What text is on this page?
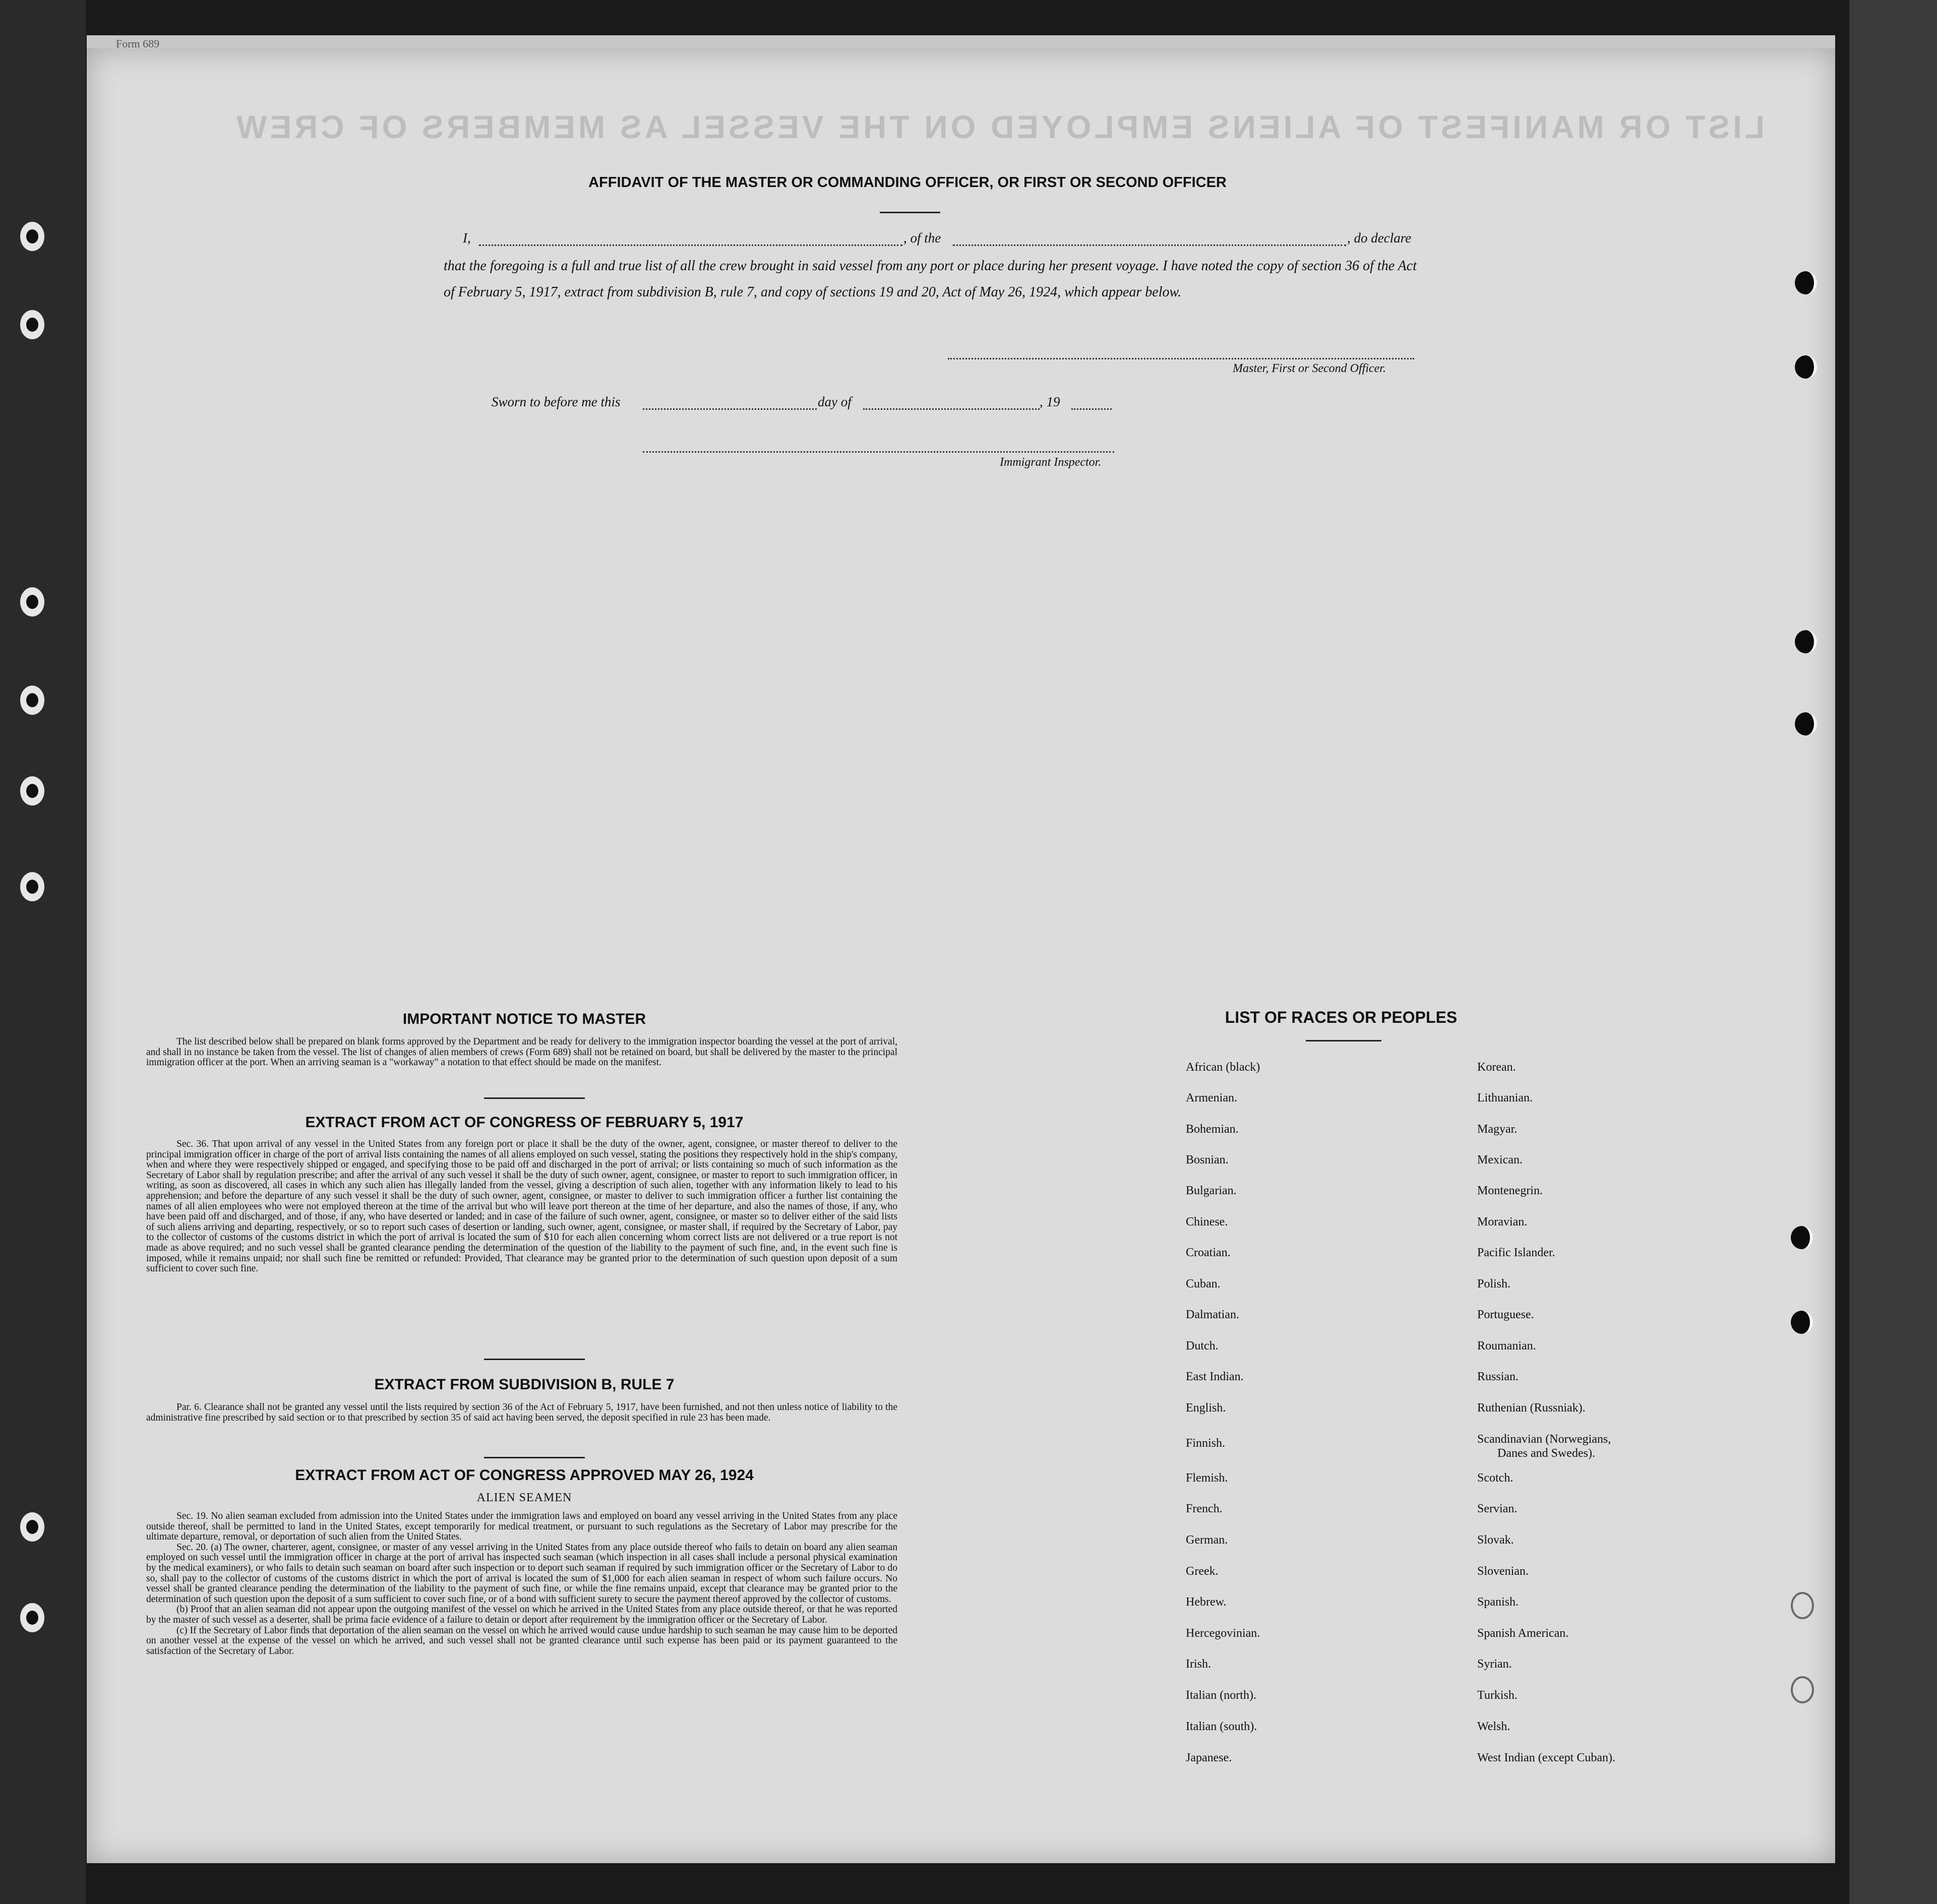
Form 689
LIST OR MANIFEST OF ALIENS EMPLOYED ON THE VESSEL AS MEMBERS OF CREW
AFFIDAVIT OF THE MASTER OR COMMANDING OFFICER, OR FIRST OR SECOND OFFICER
I,	, of the	, do declare
that the foregoing is a full and true list of all the crew brought in said vessel from any port or place during her present voyage. I have noted the copy of section 36 of the Act of February 5, 1917, extract from subdivision B, rule 7, and copy of sections 19 and 20, Act of May 26, 1924, which appear below.
Master, First or Second Officer.
Sworn to before me this	day of	, 19
Immigrant Inspector.
IMPORTANT NOTICE TO MASTER

The list described below shall be prepared on blank forms approved by the Department and be ready for delivery to the immigration inspector boarding the vessel at the port of arrival, and shall in no instance be taken from the vessel. The list of changes of alien members of crews (Form 689) shall not be retained on board, but shall be delivered by the master to the principal immigration officer at the port. When an arriving seaman is a "workaway" a notation to that effect should be made on the manifest.

EXTRACT FROM ACT OF CONGRESS OF FEBRUARY 5, 1917

Sec. 36. That upon arrival of any vessel in the United States from any foreign port or place it shall be the duty of the owner, agent, consignee, or master thereof to deliver to the principal immigration officer in charge of the port of arrival lists containing the names of all aliens employed on such vessel, stating the positions they respectively hold in the ship's company, when and where they were respectively shipped or engaged, and specifying those to be paid off and discharged in the port of arrival; or lists containing so much of such information as the Secretary of Labor shall by regulation prescribe; and after the arrival of any such vessel it shall be the duty of such owner, agent, consignee, or master to report to such immigration officer, in writing, as soon as discovered, all cases in which any such alien has illegally landed from the vessel, giving a description of such alien, together with any information likely to lead to his apprehension; and before the departure of any such vessel it shall be the duty of such owner, agent, consignee, or master to deliver to such immigration officer a further list containing the names of all alien employees who were not employed thereon at the time of the arrival but who will leave port thereon at the time of her departure, and also the names of those, if any, who have been paid off and discharged, and of those, if any, who have deserted or landed; and in case of the failure of such owner, agent, consignee, or master so to deliver either of the said lists of such aliens arriving and departing, respectively, or so to report such cases of desertion or landing, such owner, agent, consignee, or master shall, if required by the Secretary of Labor, pay to the collector of customs of the customs district in which the port of arrival is located the sum of $10 for each alien concerning whom correct lists are not delivered or a true report is not made as above required; and no such vessel shall be granted clearance pending the determination of the question of the liability to the payment of such fine, and, in the event such fine is imposed, while it remains unpaid; nor shall such fine be remitted or refunded: Provided, That clearance may be granted prior to the determination of such question upon deposit of a sum sufficient to cover such fine.

EXTRACT FROM SUBDIVISION B, RULE 7

Par. 6. Clearance shall not be granted any vessel until the lists required by section 36 of the Act of February 5, 1917, have been furnished, and not then unless notice of liability to the administrative fine prescribed by said section or to that prescribed by section 35 of said act having been served, the deposit specified in rule 23 has been made.

EXTRACT FROM ACT OF CONGRESS APPROVED MAY 26, 1924
ALIEN SEAMEN

Sec. 19. No alien seaman excluded from admission into the United States under the immigration laws and employed on board any vessel arriving in the United States from any place outside thereof, shall be permitted to land in the United States, except temporarily for medical treatment, or pursuant to such regulations as the Secretary of Labor may prescribe for the ultimate departure, removal, or deportation of such alien from the United States.

Sec. 20. (a) The owner, charterer, agent, consignee, or master of any vessel arriving in the United States from any place outside thereof who fails to detain on board any alien seaman employed on such vessel until the immigration officer in charge at the port of arrival has inspected such seaman (which inspection in all cases shall include a personal physical examination by the medical examiners), or who fails to detain such seaman on board after such inspection or to deport such seaman if required by such immigration officer or the Secretary of Labor to do so, shall pay to the collector of customs of the customs district in which the port of arrival is located the sum of $1,000 for each alien seaman in respect of whom such failure occurs. No vessel shall be granted clearance pending the determination of the liability to the payment of such fine, or while the fine remains unpaid, except that clearance may be granted prior to the determination of such question upon the deposit of a sum sufficient to cover such fine, or of a bond with sufficient surety to secure the payment thereof approved by the collector of customs.

(b) Proof that an alien seaman did not appear upon the outgoing manifest of the vessel on which he arrived in the United States from any place outside thereof, or that he was reported by the master of such vessel as a deserter, shall be prima facie evidence of a failure to detain or deport after requirement by the immigration officer or the Secretary of Labor.

(c) If the Secretary of Labor finds that deportation of the alien seaman on the vessel on which he arrived would cause undue hardship to such seaman he may cause him to be deported on another vessel at the expense of the vessel on which he arrived, and such vessel shall not be granted clearance until such expense has been paid or its payment guaranteed to the satisfaction of the Secretary of Labor.

LIST OF RACES OR PEOPLES
African (black)
Armenian.
Bohemian.
Bosnian.
Bulgarian.
Chinese.
Croatian.
Cuban.
Dalmatian.
Dutch.
East Indian.
English.
Finnish.
Flemish.
French.
German.
Greek.
Hebrew.
Hercegovinian.
Irish.
Italian (north).
Italian (south).
Japanese.
Korean.
Lithuanian.
Magyar.
Mexican.
Montenegrin.
Moravian.
Pacific Islander.
Polish.
Portuguese.
Roumanian.
Russian.
Ruthenian (Russniak).
Scandinavian (Norwegians,
Danes and Swedes).
Scotch.
Servian.
Slovak.
Slovenian.
Spanish.
Spanish American.
Syrian.
Turkish.
Welsh.
West Indian (except Cuban).
